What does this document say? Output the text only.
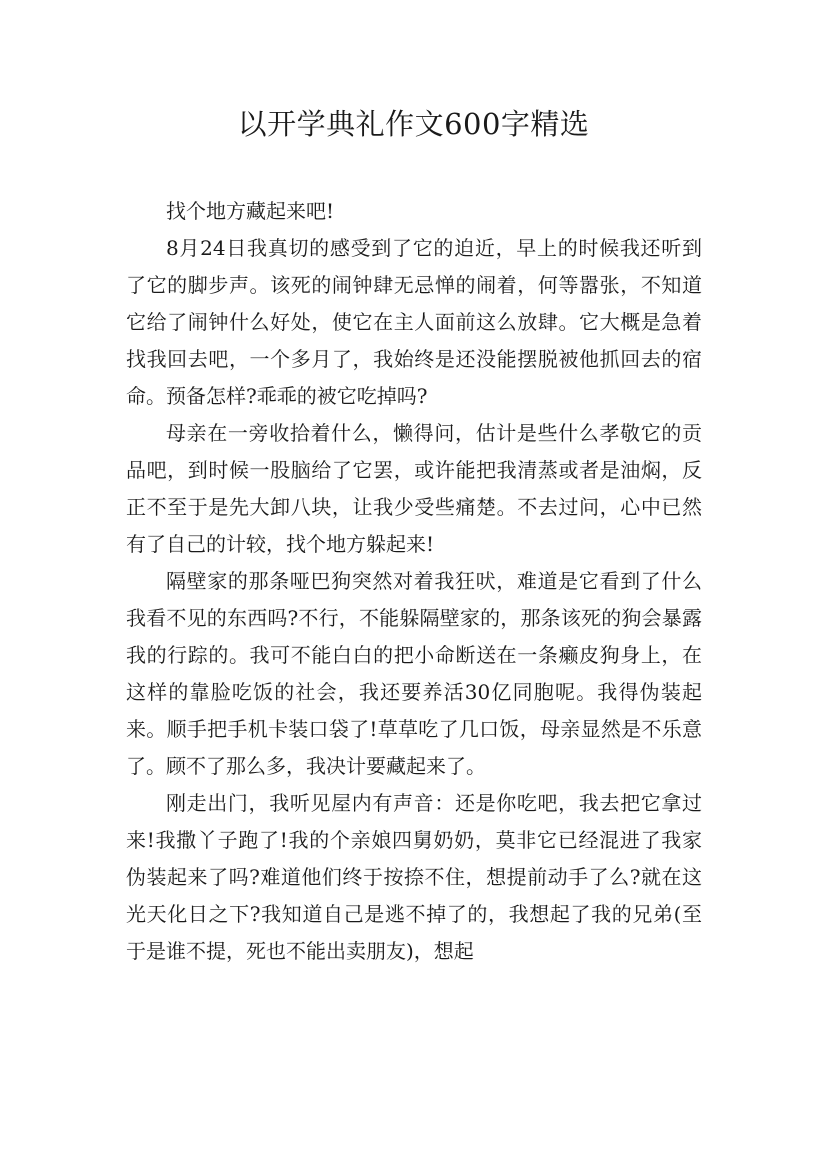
以开学典礼作文600字精选

找个地方藏起来吧!

8月24日我真切的感受到了它的迫近，早上的时候我还听到了它的脚步声。该死的闹钟肆无忌惮的闹着，何等嚣张，不知道它给了闹钟什么好处，使它在主人面前这么放肆。它大概是急着找我回去吧，一个多月了，我始终是还没能摆脱被他抓回去的宿命。预备怎样?乖乖的被它吃掉吗?

母亲在一旁收拾着什么，懒得问，估计是些什么孝敬它的贡品吧，到时候一股脑给了它罢，或许能把我清蒸或者是油焖，反正不至于是先大卸八块，让我少受些痛楚。不去过问，心中已然有了自己的计较，找个地方躲起来!

隔壁家的那条哑巴狗突然对着我狂吠，难道是它看到了什么我看不见的东西吗?不行，不能躲隔壁家的，那条该死的狗会暴露我的行踪的。我可不能白白的把小命断送在一条癞皮狗身上，在这样的靠脸吃饭的社会，我还要养活30亿同胞呢。我得伪装起来。顺手把手机卡装口袋了!草草吃了几口饭，母亲显然是不乐意了。顾不了那么多，我决计要藏起来了。

刚走出门，我听见屋内有声音：还是你吃吧，我去把它拿过来!我撒丫子跑了!我的个亲娘四舅奶奶，莫非它已经混进了我家伪装起来了吗?难道他们终于按捺不住，想提前动手了么?就在这光天化日之下?我知道自己是逃不掉了的，我想起了我的兄弟(至于是谁不提，死也不能出卖朋友)，想起
